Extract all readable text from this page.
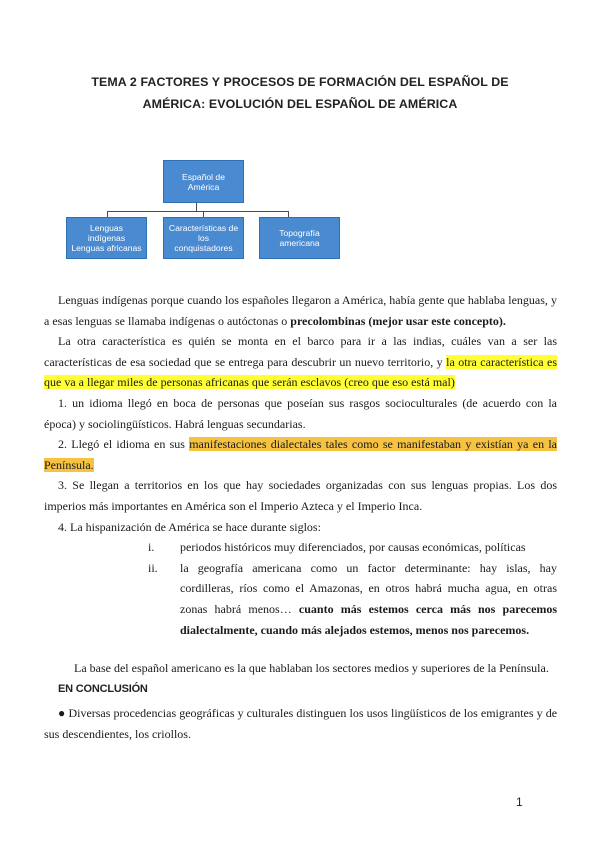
TEMA 2 FACTORES Y PROCESOS DE FORMACIÓN DEL ESPAÑOL DE
AMÉRICA: EVOLUCIÓN DEL ESPAÑOL DE AMÉRICA
Español de
América
Lenguas
indígenas
Lenguas africanas
Características de
los
conquistadores
Topografía
americana

Lenguas indígenas porque cuando los españoles llegaron a América, había gente que hablaba lenguas, y a esas lenguas se llamaba indígenas o autóctonas o precolombinas (mejor usar este concepto).

La otra característica es quién se monta en el barco para ir a las indias, cuáles van a ser las características de esa sociedad que se entrega para descubrir un nuevo territorio, y la otra característica es que va a llegar miles de personas africanas que serán esclavos (creo que eso está mal)

1. un idioma llegó en boca de personas que poseían sus rasgos socioculturales (de acuerdo con la época) y sociolingüísticos. Habrá lenguas secundarias.

2. Llegó el idioma en sus manifestaciones dialectales tales como se manifestaban y existían ya en la Península.

3. Se llegan a territorios en los que hay sociedades organizadas con sus lenguas propias. Los dos imperios más importantes en América son el Imperio Azteca y el Imperio Inca.

4. La hispanización de América se hace durante siglos:

i.	periodos históricos muy diferenciados, por causas económicas, políticas

ii.	la geografía americana como un factor determinante: hay islas, hay cordilleras, ríos como el Amazonas, en otros habrá mucha agua, en otras zonas habrá menos… cuanto más estemos cerca más nos parecemos dialectalmente, cuando más alejados estemos, menos nos parecemos.

La base del español americano es la que hablaban los sectores medios y superiores de la Península.

EN CONCLUSIÓN

● Diversas procedencias geográficas y culturales distinguen los usos lingüísticos de los emigrantes y de sus descendientes, los criollos.

1
